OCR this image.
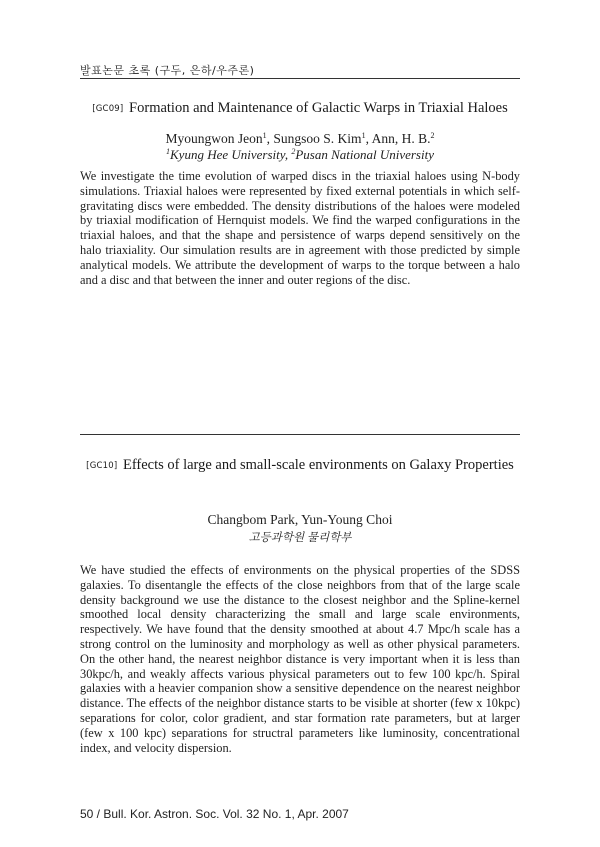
발표논문 초록 (구두, 은하/우주론)
[GC09] Formation and Maintenance of Galactic Warps in Triaxial Haloes
Myoungwon Jeon$^1$, Sungsoo S. Kim$^1$, Ann, H. B.$^2$
$^1$Kyung Hee University, $^2$Pusan National University

We investigate the time evolution of warped discs in the triaxial haloes using N-body simulations. Triaxial haloes were represented by fixed external potentials in which self-gravitating discs were embedded. The density distributions of the haloes were modeled by triaxial modification of Hernquist models. We find the warped configurations in the triaxial haloes, and that the shape and persistence of warps depend sensitively on the halo triaxiality. Our simulation results are in agreement with those predicted by simple analytical models. We attribute the development of warps to the torque between a halo and a disc and that between the inner and outer regions of the disc.

[GC10] Effects of large and small-scale environments on Galaxy Properties
Changbom Park, Yun-Young Choi
고등과학원 물리학부

We have studied the effects of environments on the physical properties of the SDSS galaxies. To disentangle the effects of the close neighbors from that of the large scale density background we use the distance to the closest neighbor and the Spline-kernel smoothed local density characterizing the small and large scale environments, respectively. We have found that the density smoothed at about 4.7 Mpc/h scale has a strong control on the luminosity and morphology as well as other physical parameters. On the other hand, the nearest neighbor distance is very important when it is less than 30kpc/h, and weakly affects various physical parameters out to few 100 kpc/h. Spiral galaxies with a heavier companion show a sensitive dependence on the nearest neighbor distance. The effects of the neighbor distance starts to be visible at shorter (few x 10kpc) separations for color, color gradient, and star formation rate parameters, but at larger (few x 100 kpc) separations for structral parameters like luminosity, concentrational index, and velocity dispersion.

50 / Bull. Kor. Astron. Soc. Vol. 32 No. 1, Apr. 2007
